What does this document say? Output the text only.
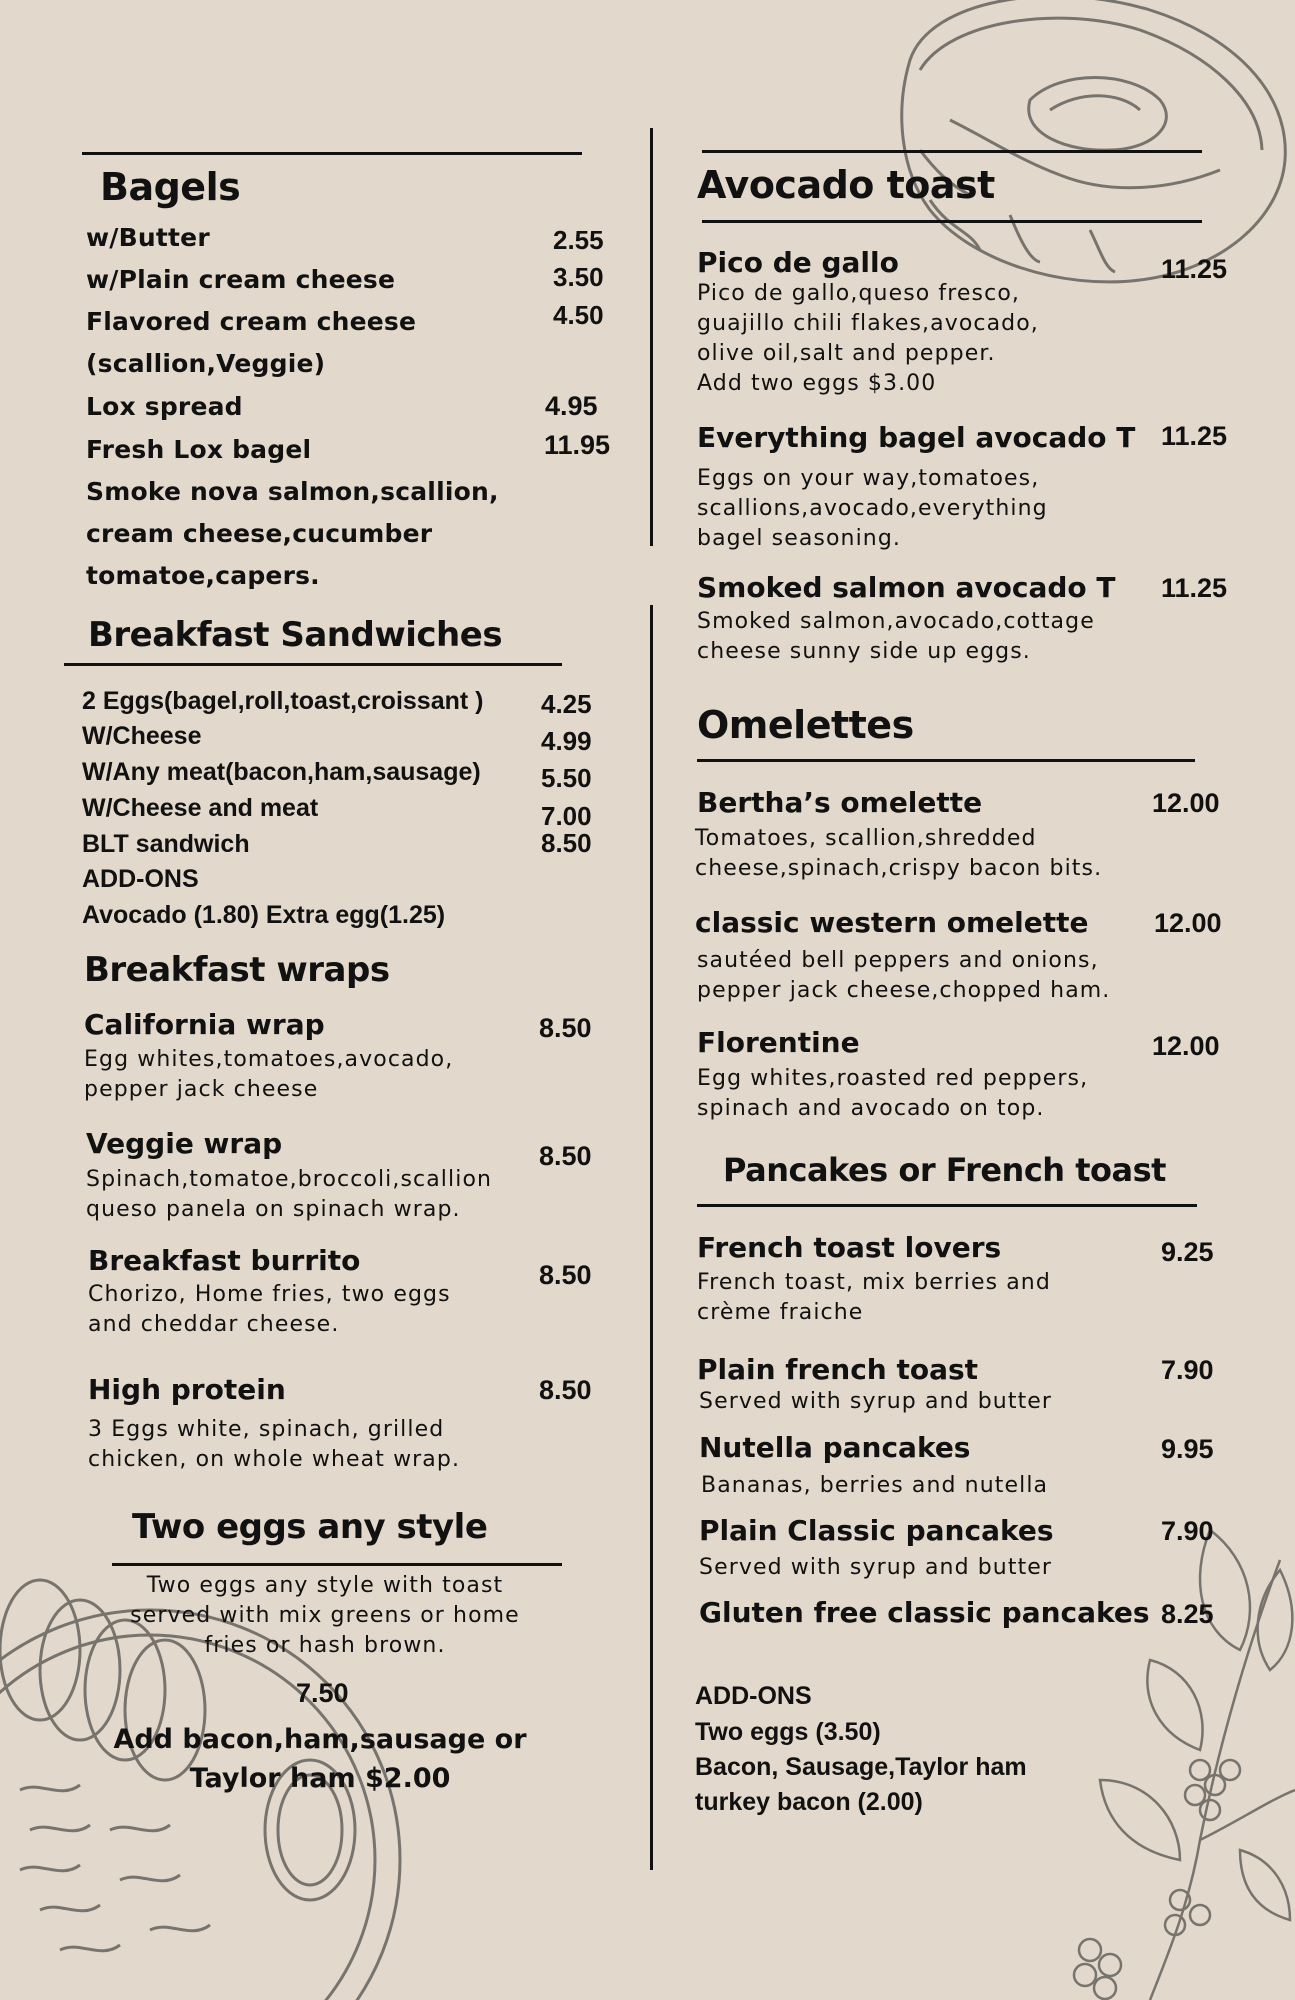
Bagels
w/Butter	2.55
w/Plain cream cheese	3.50
Flavored cream cheese	4.50
(scallion,Veggie)
Lox spread	4.95
Fresh Lox bagel	11.95
Smoke nova salmon,scallion,
cream cheese,cucumber
tomatoe,capers.
Breakfast Sandwiches
2 Eggs(bagel,roll,toast,croissant ) 4.25
W/Cheese	4.99
W/Any meat(bacon,ham,sausage) 5.50
W/Cheese and meat	7.00
BLT sandwich	8.50
ADD-ONS
Avocado (1.80) Extra egg(1.25)
Breakfast wraps
California wrap	8.50
Egg whites,tomatoes,avocado,
pepper jack cheese
Veggie wrap	8.50
Spinach,tomatoe,broccoli,scallion
queso panela on spinach wrap.
Breakfast burrito	8.50
Chorizo, Home fries, two eggs
and cheddar cheese.
High protein	8.50
3 Eggs white, spinach, grilled
chicken, on whole wheat wrap.
Two eggs any style
Two eggs any style with toast
served with mix greens or home
fries or hash brown.
7.50
Add bacon,ham,sausage or
Taylor ham $2.00
Avocado toast
Pico de gallo	11.25
Pico de gallo,queso fresco,
guajillo chili flakes,avocado,
olive oil,salt and pepper.
Add two eggs $3.00
Everything bagel avocado T 11.25
Eggs on your way,tomatoes,
scallions,avocado,everything
bagel seasoning.
Smoked salmon avocado T 11.25
Smoked salmon,avocado,cottage
cheese sunny side up eggs.
Omelettes
Bertha’s omelette	12.00
Tomatoes, scallion,shredded
cheese,spinach,crispy bacon bits.
classic western omelette 12.00
sautéed bell peppers and onions,
pepper jack cheese,chopped ham.
Florentine	12.00
Egg whites,roasted red peppers,
spinach and avocado on top.
Pancakes or French toast
French toast lovers	9.25
French toast, mix berries and
crème fraiche
Plain french toast	7.90
Served with syrup and butter
Nutella pancakes	9.95
Bananas, berries and nutella
Plain Classic pancakes	7.90
Served with syrup and butter
Gluten free classic pancakes 8.25
ADD-ONS
Two eggs (3.50)
Bacon, Sausage,Taylor ham
turkey bacon (2.00)
